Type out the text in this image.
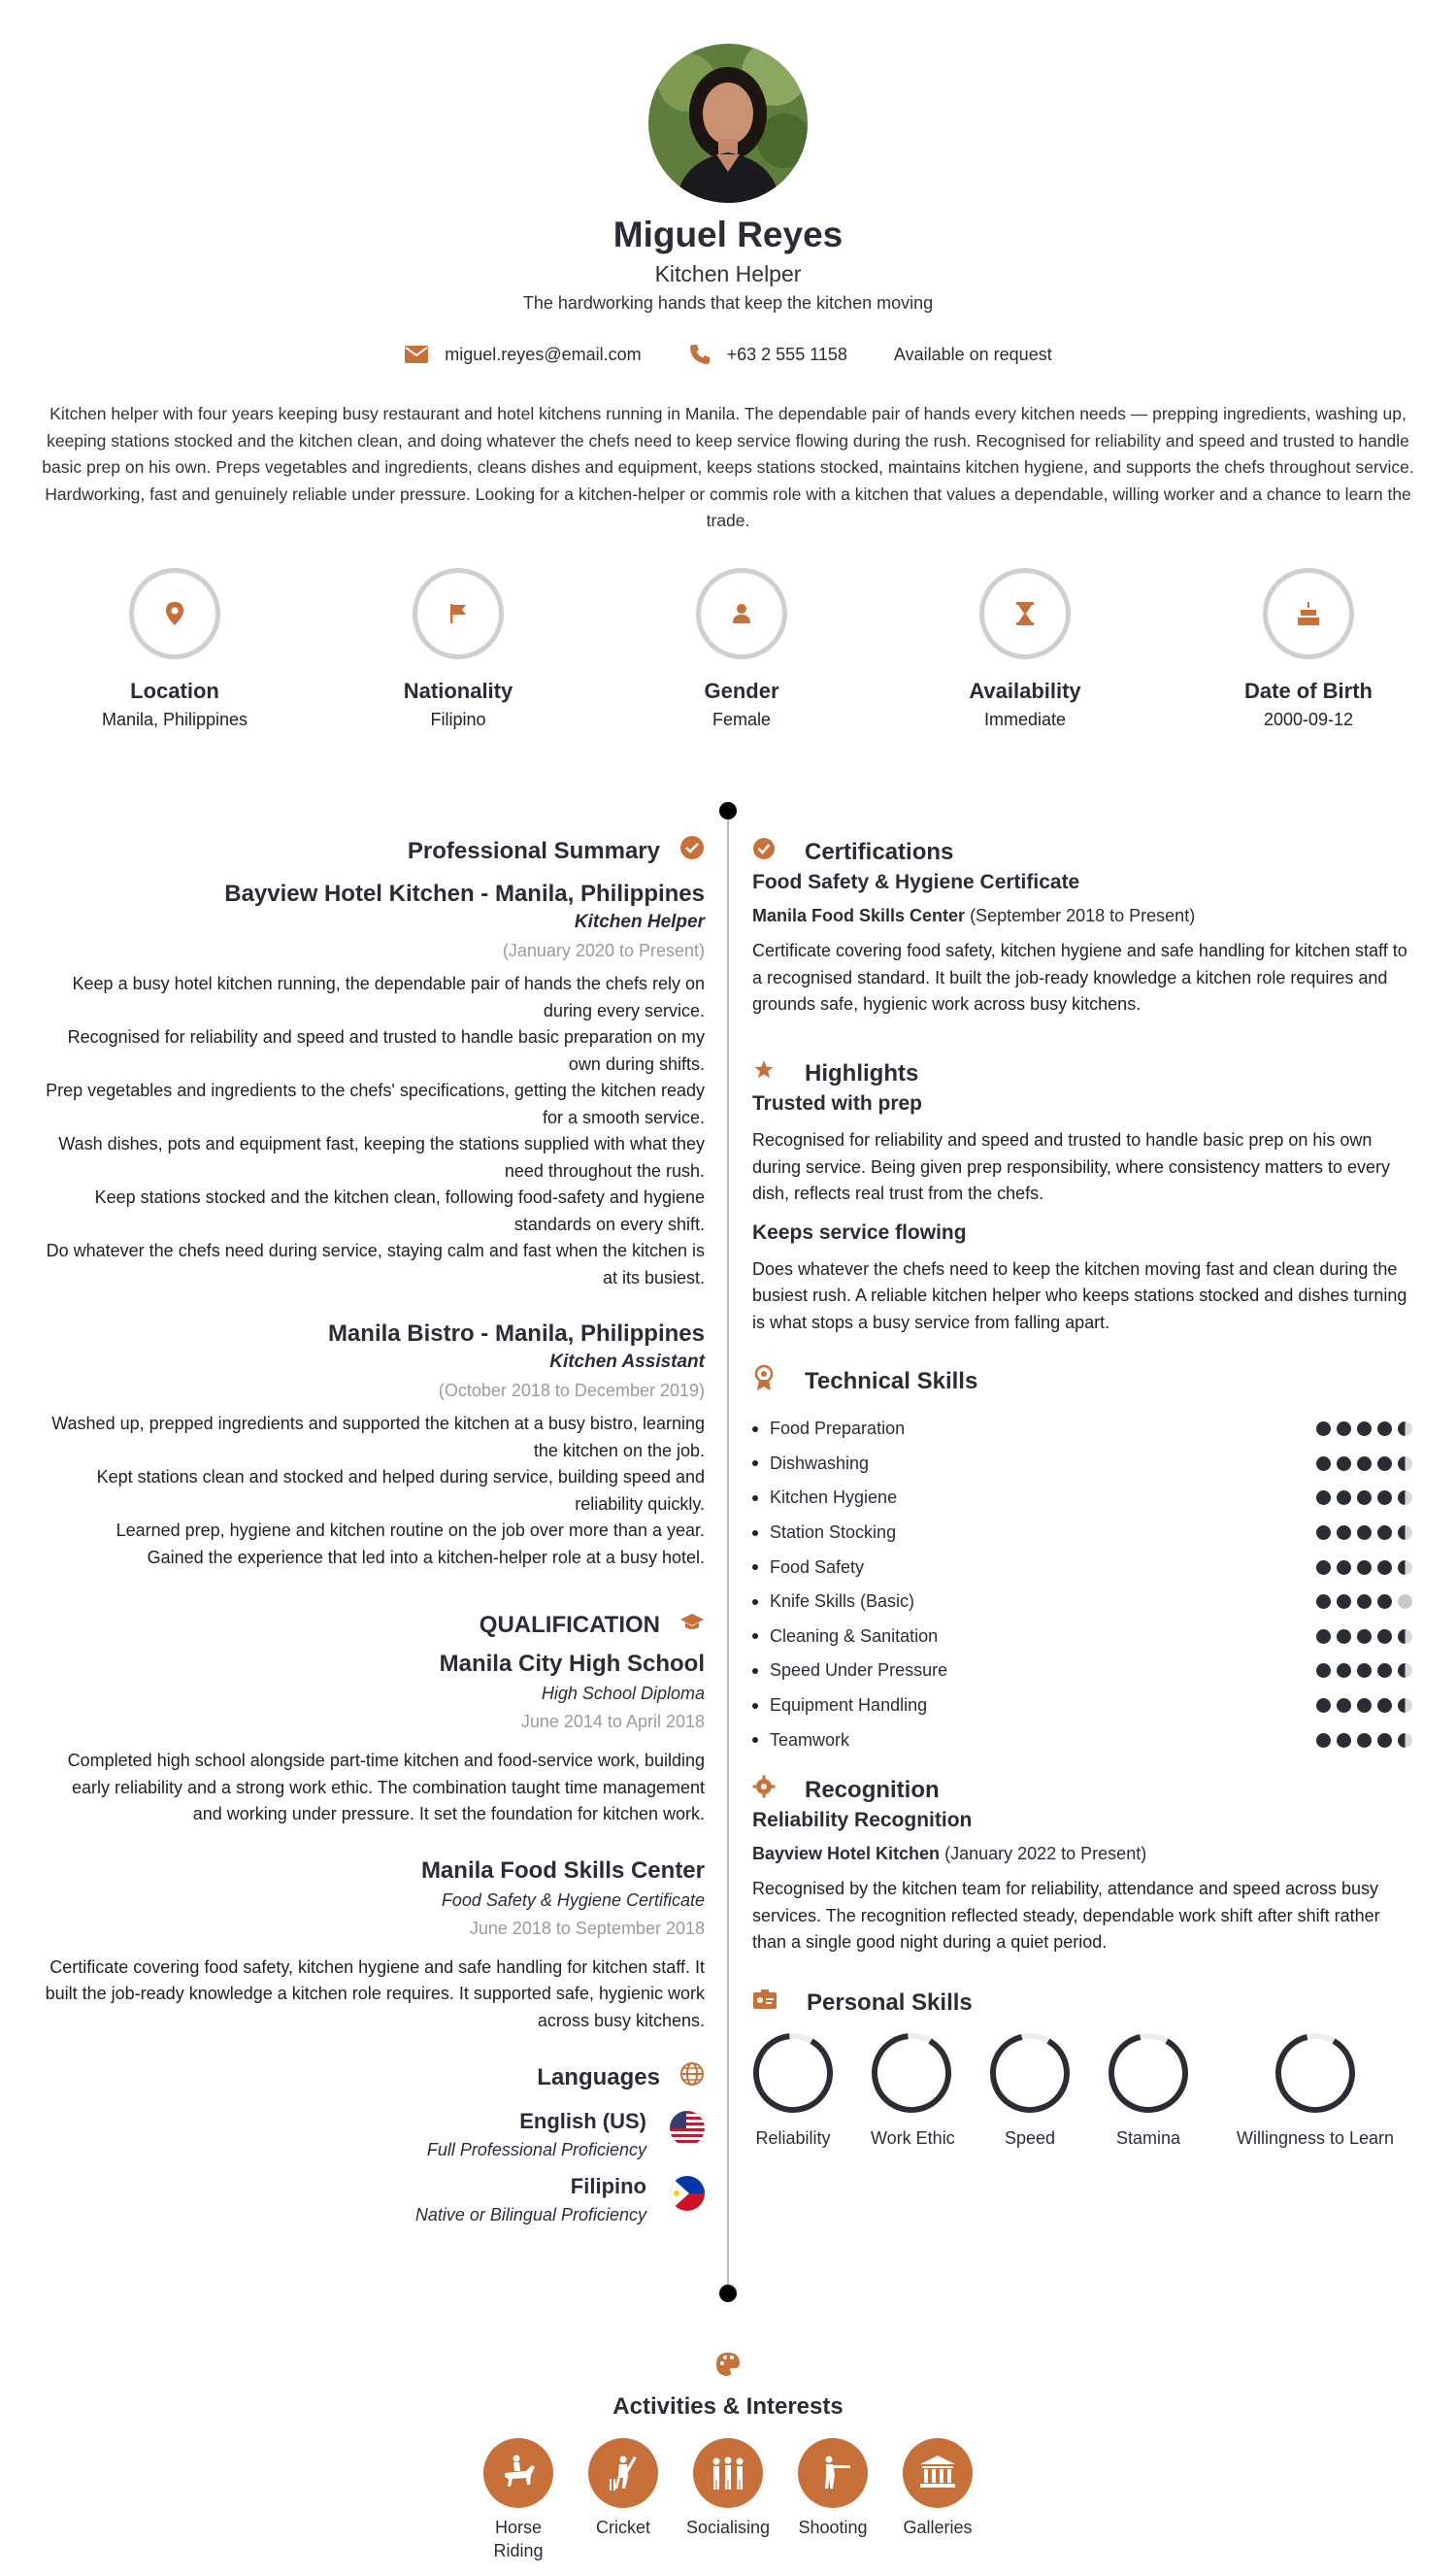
Miguel Reyes
Kitchen Helper
The hardworking hands that keep the kitchen moving
miguel.reyes@email.com	+63 2 555 1158	Available on request
Kitchen helper with four years keeping busy restaurant and hotel kitchens running in Manila. The dependable pair of hands every kitchen needs — prepping ingredients, washing up, keeping stations stocked and the kitchen clean, and doing whatever the chefs need to keep service flowing during the rush. Recognised for reliability and speed and trusted to handle basic prep on his own. Preps vegetables and ingredients, cleans dishes and equipment, keeps stations stocked, maintains kitchen hygiene, and supports the chefs throughout service. Hardworking, fast and genuinely reliable under pressure. Looking for a kitchen-helper or commis role with a kitchen that values a dependable, willing worker and a chance to learn the trade.
Location
Manila, Philippines
Nationality
Filipino
Gender
Female
Availability
Immediate
Date of Birth
2000-09-12
Professional Summary
Bayview Hotel Kitchen - Manila, Philippines
Kitchen Helper
(January 2020 to Present)
Keep a busy hotel kitchen running, the dependable pair of hands the chefs rely on during every service.
Recognised for reliability and speed and trusted to handle basic preparation on my own during shifts.
Prep vegetables and ingredients to the chefs' specifications, getting the kitchen ready for a smooth service.
Wash dishes, pots and equipment fast, keeping the stations supplied with what they need throughout the rush.
Keep stations stocked and the kitchen clean, following food-safety and hygiene standards on every shift.
Do whatever the chefs need during service, staying calm and fast when the kitchen is at its busiest.
Manila Bistro - Manila, Philippines
Kitchen Assistant
(October 2018 to December 2019)
Washed up, prepped ingredients and supported the kitchen at a busy bistro, learning the kitchen on the job.
Kept stations clean and stocked and helped during service, building speed and reliability quickly.
Learned prep, hygiene and kitchen routine on the job over more than a year.
Gained the experience that led into a kitchen-helper role at a busy hotel.
QUALIFICATION
Manila City High School
High School Diploma
June 2014 to April 2018
Completed high school alongside part-time kitchen and food-service work, building early reliability and a strong work ethic. The combination taught time management and working under pressure. It set the foundation for kitchen work.
Manila Food Skills Center
Food Safety & Hygiene Certificate
June 2018 to September 2018
Certificate covering food safety, kitchen hygiene and safe handling for kitchen staff. It built the job-ready knowledge a kitchen role requires. It supported safe, hygienic work across busy kitchens.
Languages
English (US)
Full Professional Proficiency
Filipino
Native or Bilingual Proficiency
Certifications
Food Safety & Hygiene Certificate
Manila Food Skills Center (September 2018 to Present)
Certificate covering food safety, kitchen hygiene and safe handling for kitchen staff to a recognised standard. It built the job-ready knowledge a kitchen role requires and grounds safe, hygienic work across busy kitchens.
Highlights
Trusted with prep
Recognised for reliability and speed and trusted to handle basic prep on his own during service. Being given prep responsibility, where consistency matters to every dish, reflects real trust from the chefs.
Keeps service flowing
Does whatever the chefs need to keep the kitchen moving fast and clean during the busiest rush. A reliable kitchen helper who keeps stations stocked and dishes turning is what stops a busy service from falling apart.
Technical Skills
Food Preparation
Dishwashing
Kitchen Hygiene
Station Stocking
Food Safety
Knife Skills (Basic)
Cleaning & Sanitation
Speed Under Pressure
Equipment Handling
Teamwork
Recognition
Reliability Recognition
Bayview Hotel Kitchen (January 2022 to Present)
Recognised by the kitchen team for reliability, attendance and speed across busy services. The recognition reflected steady, dependable work shift after shift rather than a single good night during a quiet period.
Personal Skills
Reliability Work Ethic	Speed	Stamina	Willingness to Learn
Activities & Interests
Horse Riding
Cricket	Socialising	Shooting	Galleries
